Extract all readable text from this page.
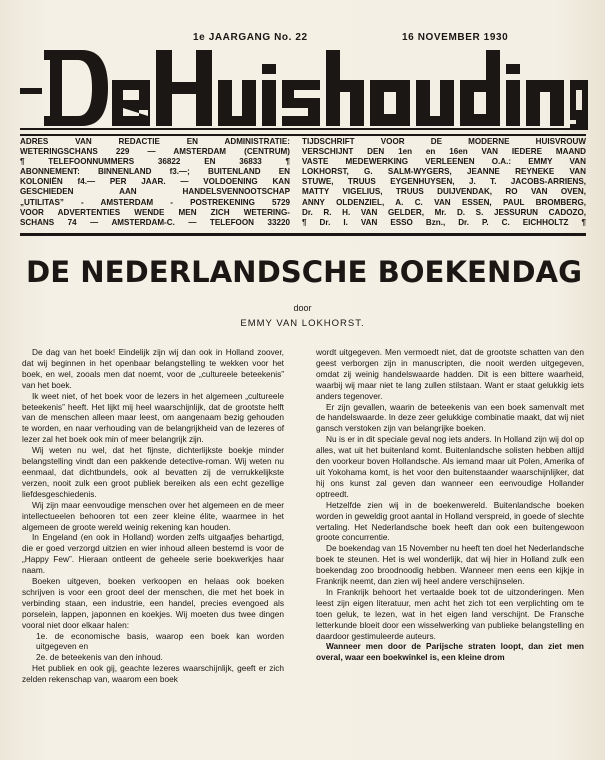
1e JAARGANG No. 22	16 NOVEMBER 1930
ADRES VAN REDACTIE EN ADMINISTRATIE:
WETERINGSCHANS 229 — AMSTERDAM (CENTRUM)
¶ TELEFOONNUMMERS 36822 EN 36833 ¶
ABONNEMENT: BINNENLAND f3.—; BUITENLAND EN
KOLONIËN f4.— PER JAAR. — VOLDOENING KAN
GESCHIEDEN AAN HANDELSVENNOOTSCHAP
„UTILITAS” - AMSTERDAM - POSTREKENING 5729
VOOR ADVERTENTIES WENDE MEN ZICH WETERING-
SCHANS 74 — AMSTERDAM-C. — TELEFOON 33220
TIJDSCHRIFT VOOR DE MODERNE HUISVROUW
VERSCHIJNT DEN 1en en 16en VAN IEDERE MAAND
VASTE MEDEWERKING VERLEENEN O.A.: EMMY VAN
LOKHORST, G. SALM-WYGERS, JEANNE REYNEKE VAN
STUWE, TRUUS EYGENHUYSEN, J. T. JACOBS-ARRIENS,
MATTY VIGELIUS, TRUUS DUIJVENDAK, RO VAN OVEN,
ANNY OLDENZIEL, A. C. VAN ESSEN, PAUL BROMBERG,
Dr. R. H. VAN GELDER, Mr. D. S. JESSURUN CADOZO,
¶ Dr. I. VAN ESSO Bzn., Dr. P. C. EICHHOLTZ ¶
DE NEDERLANDSCHE BOEKENDAG
door
EMMY VAN LOKHORST.

De dag van het boek! Eindelijk zijn wij dan ook in Holland zoover, dat wij beginnen in het openbaar belangstelling te wekken voor het boek, en wel, zooals men dat noemt, voor de „cultureele beteekenis” van het boek.

Ik weet niet, of het boek voor de lezers in het algemeen „cultureele beteekenis” heeft. Het lijkt mij heel waarschijnlijk, dat de grootste helft van de menschen alleen maar leest, om aangenaam bezig gehouden te worden, en naar verhouding van de belangrijkheid van de lezeres of lezer zal het boek ook min of meer belangrijk zijn.

Wij weten nu wel, dat het fijnste, dichterlijkste boekje minder belangstelling vindt dan een pakkende detective-roman. Wij weten nu eenmaal, dat dichtbundels, ook al bevatten zij de verrukkelijkste verzen, nooit zulk een groot publiek bereiken als een echt gezellige liefdesgeschiedenis.

Wij zijn maar eenvoudige menschen over het algemeen en de meer intellectueelen behooren tot een zeer kleine élite, waarmee in het algemeen de groote wereld weinig rekening kan houden.

In Engeland (en ook in Holland) worden zelfs uitgaafjes behartigd, die er goed verzorgd uitzien en wier inhoud alleen bestemd is voor de „Happy Few”. Hieraan ontleent de geheele serie boekwerkjes haar naam.

Boeken uitgeven, boeken verkoopen en helaas ook boeken schrijven is voor een groot deel der menschen, die met het boek in verbinding staan, een industrie, een handel, precies evengoed als porselein, lappen, japonnen en koekjes. Wij moeten dus twee dingen vooral niet door elkaar halen:

1e. de economische basis, waarop een boek kan worden uitgegeven en

2e. de beteekenis van den inhoud.

Het publiek en ook gij, geachte lezeres waarschijnlijk, geeft er zich zelden rekenschap van, waarom een boek

wordt uitgegeven. Men vermoedt niet, dat de grootste schatten van den geest verborgen zijn in manuscripten, die nooit werden uitgegeven, omdat zij weinig handelswaarde hadden. Dit is een bittere waarheid, waarbij wij maar niet te lang zullen stilstaan. Want er staat gelukkig iets anders tegenover.

Er zijn gevallen, waarin de beteekenis van een boek samenvalt met de handelswaarde. In deze zeer gelukkige combinatie maakt, dat wij niet gansch verstoken zijn van belangrijke boeken.

Nu is er in dit speciale geval nog iets anders. In Holland zijn wij dol op alles, wat uit het buitenland komt. Buitenlandsche solisten hebben altijd den voorkeur boven Hollandsche. Als iemand maar uit Polen, Amerika of uit Yokohama komt, is het voor den buitenstaander waarschijnlijker, dat hij ons kunst zal geven dan wanneer een eenvoudige Hollander optreedt.

Hetzelfde zien wij in de boekenwereld. Buitenlandsche boeken worden in geweldig groot aantal in Holland verspreid, in goede of slechte vertaling. Het Nederlandsche boek heeft dan ook een buitengewoon groote concurrentie.

De boekendag van 15 November nu heeft ten doel het Nederlandsche boek te steunen. Het is wel wonderlijk, dat wij hier in Holland zulk een boekendag zoo broodnoodig hebben. Wanneer men eens een kijkje in Frankrijk neemt, dan zien wij heel andere verschijnselen.

In Frankrijk behoort het vertaalde boek tot de uitzonderingen. Men leest zijn eigen literatuur, men acht het zich tot een verplichting om te toen geluk, te lezen, wat in het eigen land verschijnt. De Fransche letterkunde bloeit door een wisselwerking van publieke belangstelling en daardoor gestimuleerde auteurs.

Wanneer men door de Parijsche straten loopt, dan ziet men overal, waar een boekwinkel is, een kleine drom
